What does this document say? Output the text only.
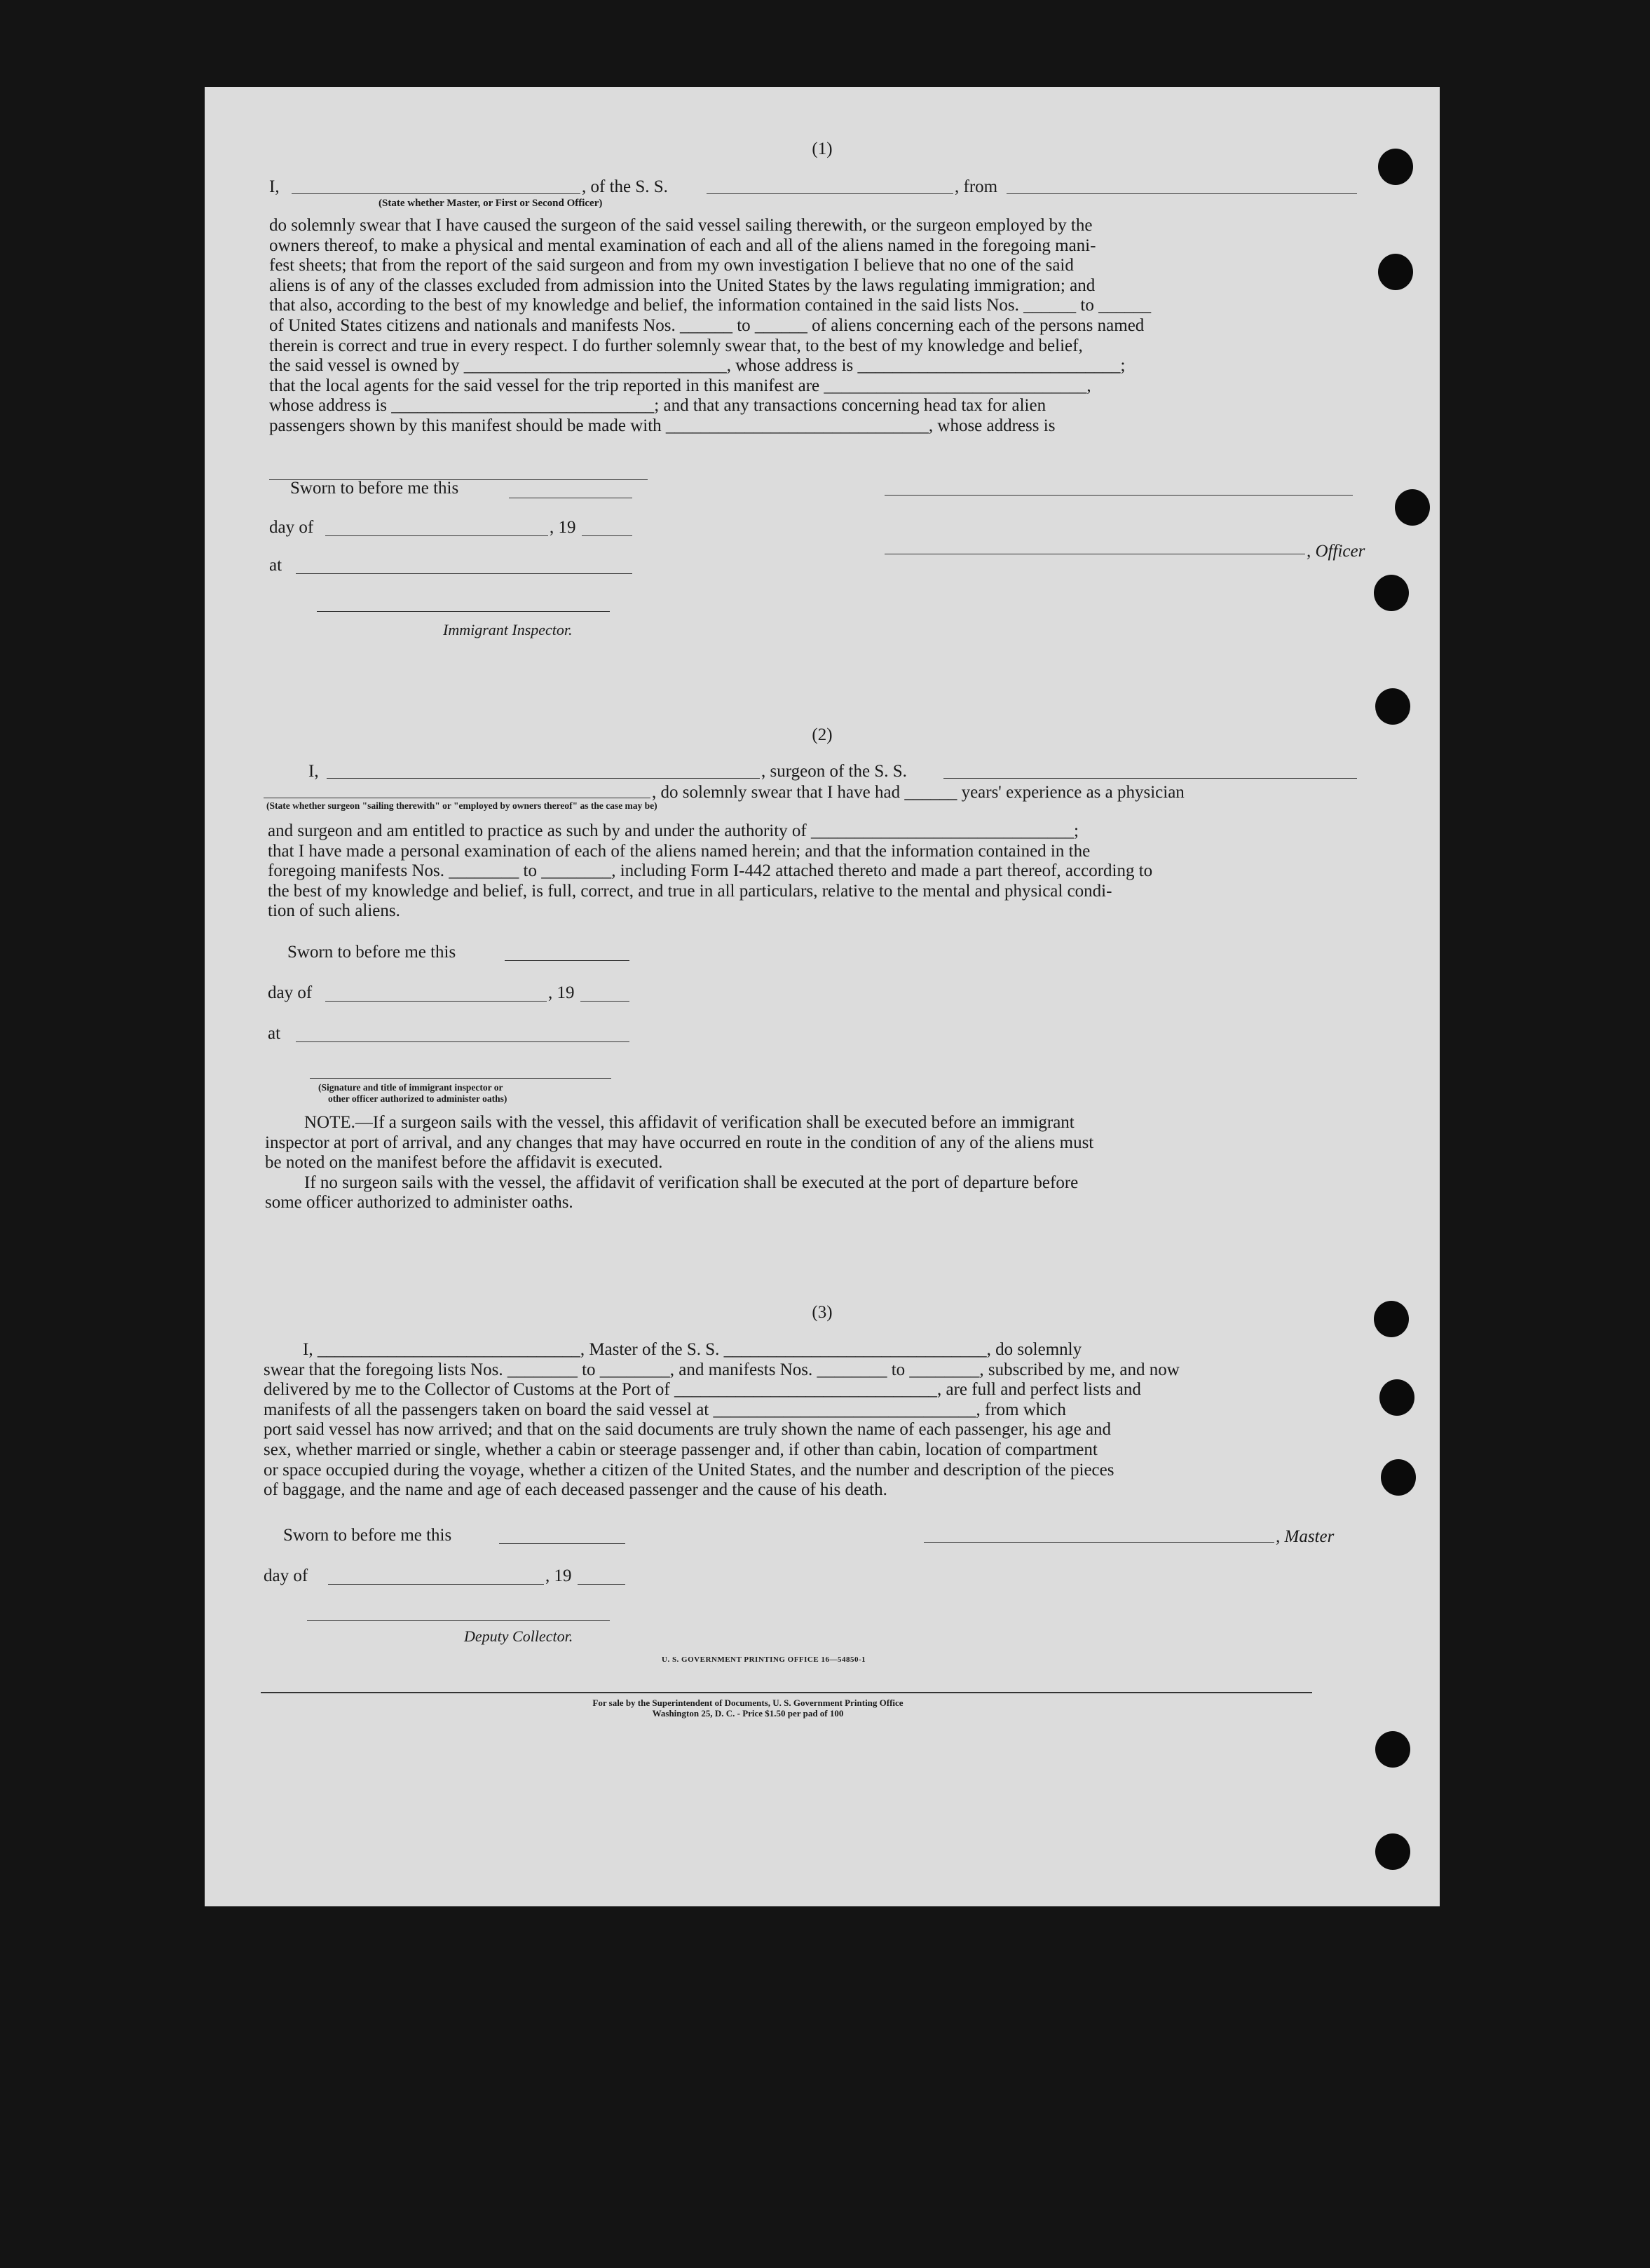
(1)
I,	, of the S. S.	, from
(State whether Master, or First or Second Officer)
do solemnly swear that I have caused the surgeon of the said vessel sailing therewith, or the surgeon employed by the
owners thereof, to make a physical and mental examination of each and all of the aliens named in the foregoing mani-
fest sheets; that from the report of the said surgeon and from my own investigation I believe that no one of the said
aliens is of any of the classes excluded from admission into the United States by the laws regulating immigration; and
that also, according to the best of my knowledge and belief, the information contained in the said lists Nos. ______ to ______
of United States citizens and nationals and manifests Nos. ______ to ______ of aliens concerning each of the persons named
therein is correct and true in every respect. I do further solemnly swear that, to the best of my knowledge and belief,
the said vessel is owned by ______________________________, whose address is ______________________________;
that the local agents for the said vessel for the trip reported in this manifest are ______________________________,
whose address is ______________________________; and that any transactions concerning head tax for alien
passengers shown by this manifest should be made with ______________________________, whose address is
Sworn to before me this
day of	, 19
, Officer
at
Immigrant Inspector.
(2)
I,	, surgeon of the S. S.
, do solemnly swear that I have had ______ years' experience as a physician
(State whether surgeon "sailing therewith" or "employed by owners thereof" as the case may be)
and surgeon and am entitled to practice as such by and under the authority of ______________________________;
that I have made a personal examination of each of the aliens named herein; and that the information contained in the
foregoing manifests Nos. ________ to ________, including Form I-442 attached thereto and made a part thereof, according to
the best of my knowledge and belief, is full, correct, and true in all particulars, relative to the mental and physical condi-
tion of such aliens.
Sworn to before me this
day of	, 19
at
(Signature and title of immigrant inspector or
other officer authorized to administer oaths)
NOTE.—If a surgeon sails with the vessel, this affidavit of verification shall be executed before an immigrant
inspector at port of arrival, and any changes that may have occurred en route in the condition of any of the aliens must
be noted on the manifest before the affidavit is executed.
If no surgeon sails with the vessel, the affidavit of verification shall be executed at the port of departure before
some officer authorized to administer oaths.
(3)
I, ______________________________, Master of the S. S. ______________________________, do solemnly
swear that the foregoing lists Nos. ________ to ________, and manifests Nos. ________ to ________, subscribed by me, and now
delivered by me to the Collector of Customs at the Port of ______________________________, are full and perfect lists and
manifests of all the passengers taken on board the said vessel at ______________________________, from which
port said vessel has now arrived; and that on the said documents are truly shown the name of each passenger, his age and
sex, whether married or single, whether a cabin or steerage passenger and, if other than cabin, location of compartment
or space occupied during the voyage, whether a citizen of the United States, and the number and description of the pieces
of baggage, and the name and age of each deceased passenger and the cause of his death.
Sworn to before me this	, Master
day of	, 19
Deputy Collector.
U. S. GOVERNMENT PRINTING OFFICE 16—54850-1
For sale by the Superintendent of Documents, U. S. Government Printing Office
Washington 25, D. C. - Price $1.50 per pad of 100
